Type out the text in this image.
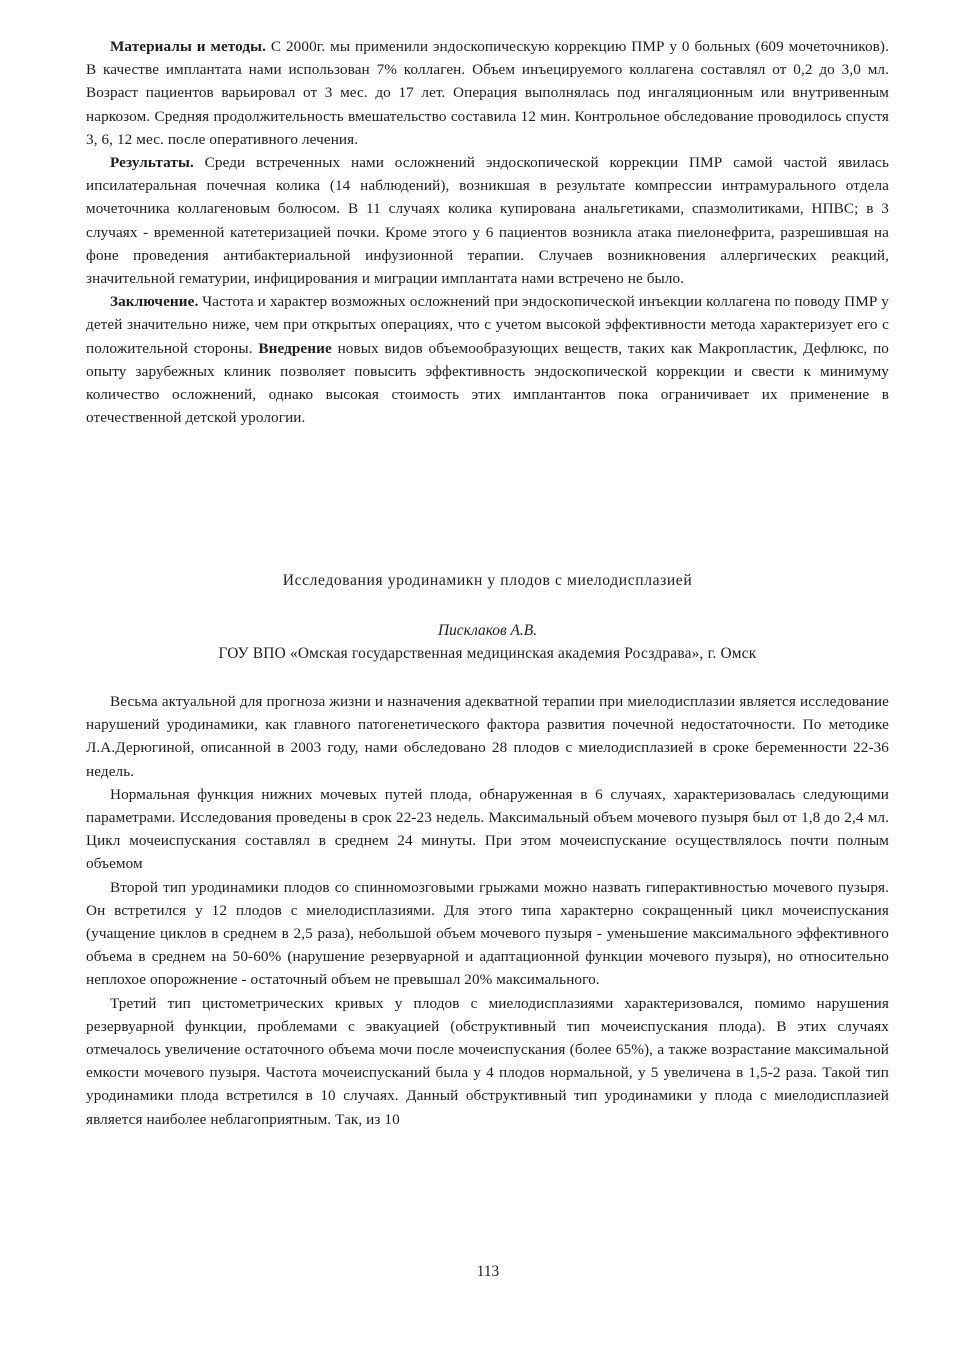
Материалы и методы. С 2000г. мы применили эндоскопическую коррекцию ПМР у 0 больных (609 мочеточников). В качестве имплантата нами использован 7% коллаген. Объем инъецируемого коллагена составлял от 0,2 до 3,0 мл. Возраст пациентов варьировал от 3 мес. до 17 лет. Операция выполнялась под ингаляционным или внутривенным наркозом. Средняя продолжительность вмешательство составила 12 мин. Контрольное обследование проводилось спустя 3, 6, 12 мес. после оперативного лечения.

Результаты. Среди встреченных нами осложнений эндоскопической коррекции ПМР самой частой явилась ипсилатеральная почечная колика (14 наблюдений), возникшая в результате компрессии интрамурального отдела мочеточника коллагеновым болюсом. В 11 случаях колика купирована анальгетиками, спазмолитиками, НПВС; в 3 случаях - временной катетеризацией почки. Кроме этого у 6 пациентов возникла атака пиелонефрита, разрешившая на фоне проведения антибактериальной инфузионной терапии. Случаев возникновения аллергических реакций, значительной гематурии, инфицирования и миграции имплантата нами встречено не было.

Заключение. Частота и характер возможных осложнений при эндоскопической инъекции коллагена по поводу ПМР у детей значительно ниже, чем при открытых операциях, что с учетом высокой эффективности метода характеризует его с положительной стороны. Внедрение новых видов объемообразующих веществ, таких как Макропластик, Дефлюкс, по опыту зарубежных клиник позволяет повысить эффективность эндоскопической коррекции и свести к минимуму количество осложнений, однако высокая стоимость этих имплантантов пока ограничивает их применение в отечественной детской урологии.

Исследования уродинамикн у плодов с миелодисплазией

Писклаков А.В.

ГОУ ВПО «Омская государственная медицинская академия Росздрава», г. Омск

Весьма актуальной для прогноза жизни и назначения адекватной терапии при миелодисплазии является исследование нарушений уродинамики, как главного патогенетического фактора развития почечной недостаточности. По методике Л.А.Дерюгиной, описанной в 2003 году, нами обследовано 28 плодов с миелодисплазией в сроке беременности 22-36 недель.

Нормальная функция нижних мочевых путей плода, обнаруженная в 6 случаях, характеризовалась следующими параметрами. Исследования проведены в срок 22-23 недель. Максимальный объем мочевого пузыря был от 1,8 до 2,4 мл. Цикл мочеиспускания составлял в среднем 24 минуты. При этом мочеиспускание осуществлялось почти полным объемом

Второй тип уродинамики плодов со спинномозговыми грыжами можно назвать гиперактивностью мочевого пузыря. Он встретился у 12 плодов с миелодисплазиями. Для этого типа характерно сокращенный цикл мочеиспускания (учащение циклов в среднем в 2,5 раза), небольшой объем мочевого пузыря - уменьшение максимального эффективного объема в среднем на 50-60% (нарушение резервуарной и адаптационной функции мочевого пузыря), но относительно неплохое опорожнение - остаточный объем не превышал 20% максимального.

Третий тип цистометрических кривых у плодов с миелодисплазиями характеризовался, помимо нарушения резервуарной функции, проблемами с эвакуацией (обструктивный тип мочеиспускания плода). В этих случаях отмечалось увеличение остаточного объема мочи после мочеиспускания (более 65%), а также возрастание максимальной емкости мочевого пузыря. Частота мочеиспусканий была у 4 плодов нормальной, у 5 увеличена в 1,5-2 раза. Такой тип уродинамики плода встретился в 10 случаях. Данный обструктивный тип уродинамики у плода с миелодисплазией является наиболее неблагоприятным. Так, из 10

113
